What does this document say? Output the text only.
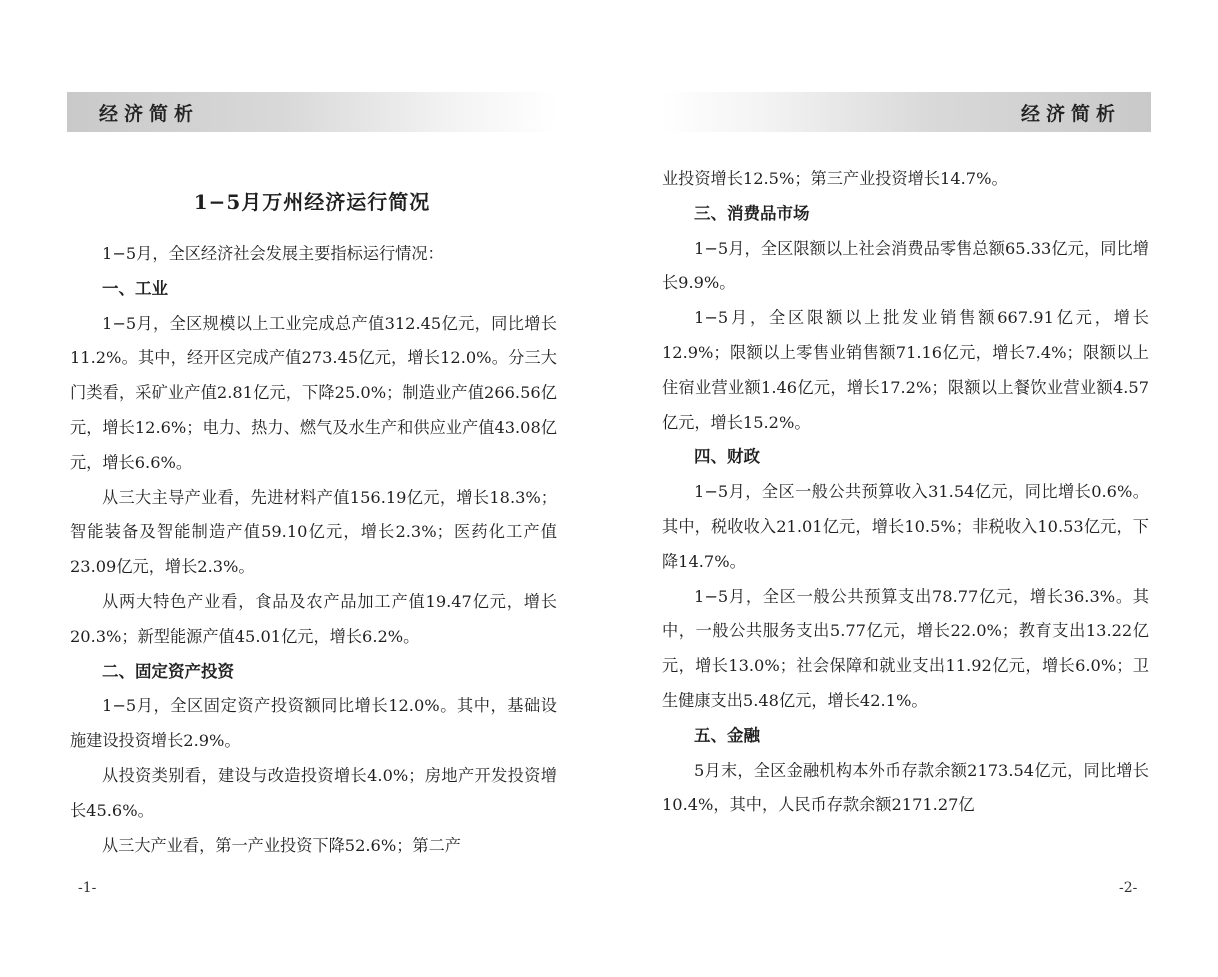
经济简析
1−5月万州经济运行简况

1−5月，全区经济社会发展主要指标运行情况：

一、工业

1−5月，全区规模以上工业完成总产值312.45亿元，同比增长11.2%。其中，经开区完成产值273.45亿元，增长12.0%。分三大门类看，采矿业产值2.81亿元，下降25.0%；制造业产值266.56亿元，增长12.6%；电力、热力、燃气及水生产和供应业产值43.08亿元，增长6.6%。

从三大主导产业看，先进材料产值156.19亿元，增长18.3%；智能装备及智能制造产值59.10亿元，增长2.3%；医药化工产值23.09亿元，增长2.3%。

从两大特色产业看，食品及农产品加工产值19.47亿元，增长20.3%；新型能源产值45.01亿元，增长6.2%。

二、固定资产投资

1−5月，全区固定资产投资额同比增长12.0%。其中，基础设施建设投资增长2.9%。

从投资类别看，建设与改造投资增长4.0%；房地产开发投资增长45.6%。

从三大产业看，第一产业投资下降52.6%；第二产

-1-
经济简析

业投资增长12.5%；第三产业投资增长14.7%。

三、消费品市场

1−5月，全区限额以上社会消费品零售总额65.33亿元，同比增长9.9%。

1−5月，全区限额以上批发业销售额667.91亿元，增长12.9%；限额以上零售业销售额71.16亿元，增长7.4%；限额以上住宿业营业额1.46亿元，增长17.2%；限额以上餐饮业营业额4.57亿元，增长15.2%。

四、财政

1−5月，全区一般公共预算收入31.54亿元，同比增长0.6%。其中，税收收入21.01亿元，增长10.5%；非税收入10.53亿元，下降14.7%。

1−5月，全区一般公共预算支出78.77亿元，增长36.3%。其中，一般公共服务支出5.77亿元，增长22.0%；教育支出13.22亿元，增长13.0%；社会保障和就业支出11.92亿元，增长6.0%；卫生健康支出5.48亿元，增长42.1%。

五、金融

5月末，全区金融机构本外币存款余额2173.54亿元，同比增长10.4%，其中，人民币存款余额2171.27亿

-2-
